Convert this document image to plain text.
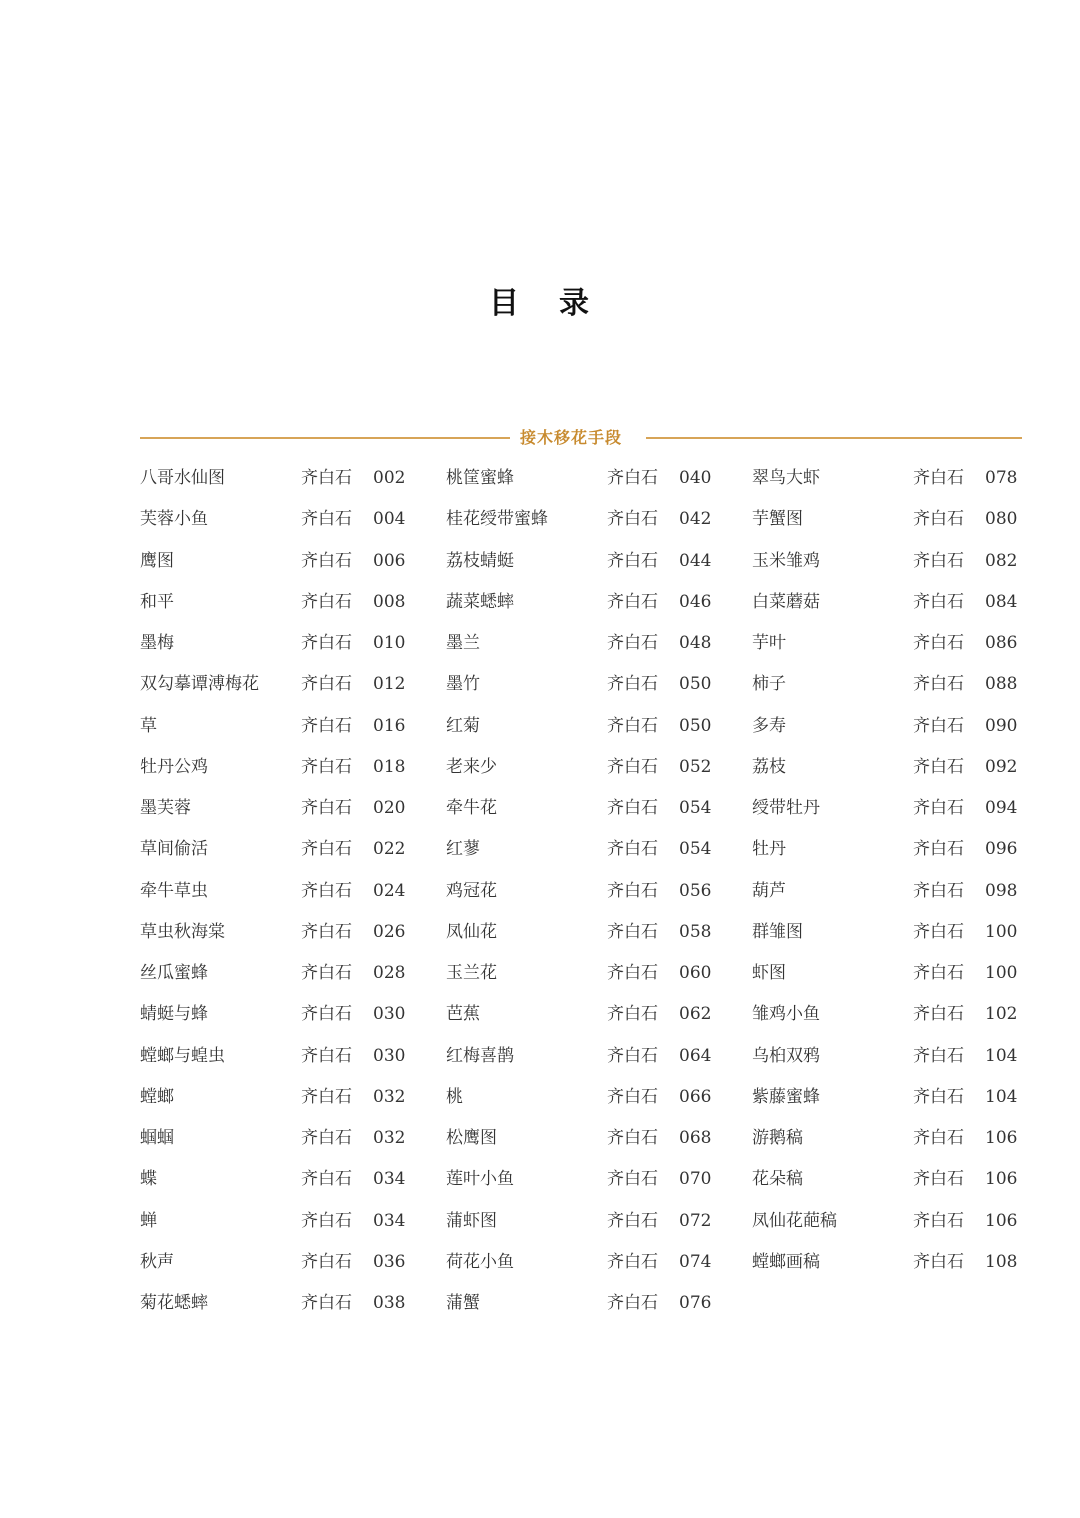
目 录
接木移花手段
八哥水仙图	齐白石 002
芙蓉小鱼	齐白石 004
鹰图	齐白石 006
和平	齐白石 008
墨梅	齐白石 010
双勾摹谭溥梅花 齐白石 012
草	齐白石 016
牡丹公鸡	齐白石 018
墨芙蓉	齐白石 020
草间偷活	齐白石 022
牵牛草虫	齐白石 024
草虫秋海棠	齐白石 026
丝瓜蜜蜂	齐白石 028
蜻蜓与蜂	齐白石 030
螳螂与蝗虫	齐白石 030
螳螂	齐白石 032
蝈蝈	齐白石 032
蝶	齐白石 034
蝉	齐白石 034
秋声	齐白石 036
菊花蟋蟀	齐白石 038
桃筐蜜蜂	齐白石 040
桂花绶带蜜蜂	齐白石 042
荔枝蜻蜓	齐白石 044
蔬菜蟋蟀	齐白石 046
墨兰	齐白石 048
墨竹	齐白石 050
红菊	齐白石 050
老来少	齐白石 052
牵牛花	齐白石 054
红蓼	齐白石 054
鸡冠花	齐白石 056
凤仙花	齐白石 058
玉兰花	齐白石 060
芭蕉	齐白石 062
红梅喜鹊	齐白石 064
桃	齐白石 066
松鹰图	齐白石 068
莲叶小鱼	齐白石 070
蒲虾图	齐白石 072
荷花小鱼	齐白石 074
蒲蟹	齐白石 076
翠鸟大虾	齐白石 078
芋蟹图	齐白石 080
玉米雏鸡	齐白石 082
白菜蘑菇	齐白石 084
芋叶	齐白石 086
柿子	齐白石 088
多寿	齐白石 090
荔枝	齐白石 092
绶带牡丹	齐白石 094
牡丹	齐白石 096
葫芦	齐白石 098
群雏图	齐白石 100
虾图	齐白石 100
雏鸡小鱼	齐白石 102
乌桕双鸦	齐白石 104
紫藤蜜蜂	齐白石 104
游鹅稿	齐白石 106
花朵稿	齐白石 106
凤仙花葩稿	齐白石 106
螳螂画稿	齐白石 108
